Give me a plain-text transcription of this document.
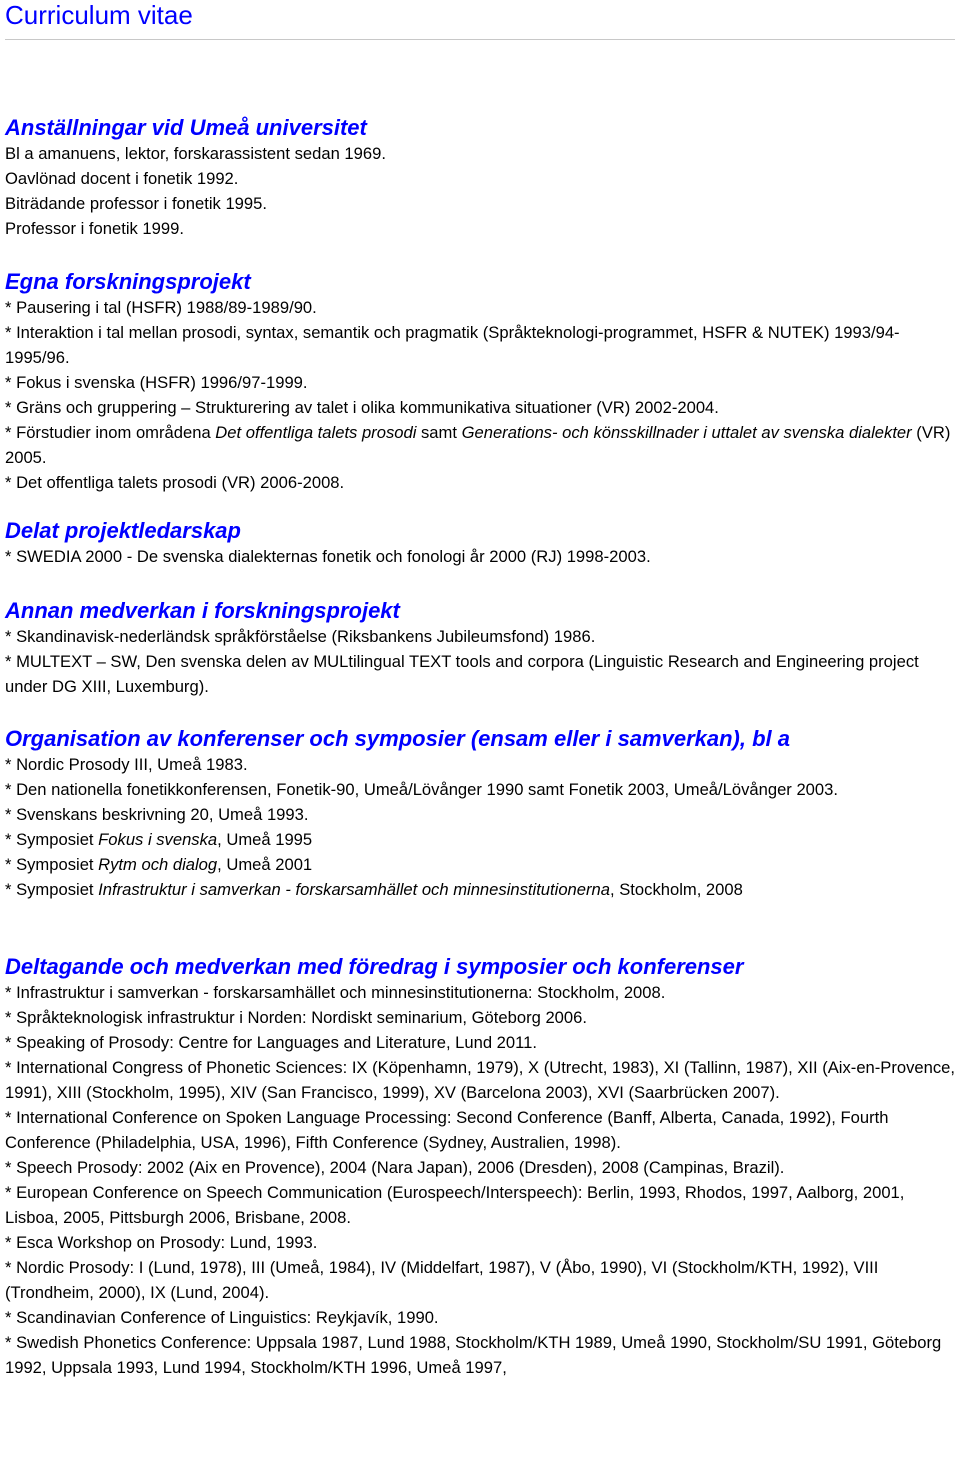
Curriculum vitae
Anställningar vid Umeå universitet
Bl a amanuens, lektor, forskarassistent sedan 1969.
Oavlönad docent i fonetik 1992.
Biträdande professor i fonetik 1995.
Professor i fonetik 1999.
Egna forskningsprojekt
* Pausering i tal (HSFR) 1988/89-1989/90.
* Interaktion i tal mellan prosodi, syntax, semantik och pragmatik (Språkteknologi-programmet, HSFR & NUTEK) 1993/94-1995/96.
* Fokus i svenska (HSFR) 1996/97-1999.
* Gräns och gruppering – Strukturering av talet i olika kommunikativa situationer (VR) 2002-2004.
* Förstudier inom områdena Det offentliga talets prosodi samt Generations- och könsskillnader i uttalet av svenska dialekter (VR) 2005.
* Det offentliga talets prosodi (VR) 2006-2008.
Delat projektledarskap
* SWEDIA 2000 - De svenska dialekternas fonetik och fonologi år 2000 (RJ) 1998-2003.
Annan medverkan i forskningsprojekt
* Skandinavisk-nederländsk språkförståelse (Riksbankens Jubileumsfond) 1986.
* MULTEXT – SW, Den svenska delen av MULtilingual TEXT tools and corpora (Linguistic Research and Engineering project under DG XIII, Luxemburg).
Organisation av konferenser och symposier (ensam eller i samverkan), bl a
* Nordic Prosody III, Umeå 1983.
* Den nationella fonetikkonferensen, Fonetik-90, Umeå/Lövånger 1990 samt Fonetik 2003, Umeå/Lövånger 2003.
* Svenskans beskrivning 20, Umeå 1993.
* Symposiet Fokus i svenska, Umeå 1995
* Symposiet Rytm och dialog, Umeå 2001
* Symposiet Infrastruktur i samverkan - forskarsamhället och minnesinstitutionerna, Stockholm, 2008
Deltagande och medverkan med föredrag i symposier och konferenser
* Infrastruktur i samverkan - forskarsamhället och minnesinstitutionerna: Stockholm, 2008.
* Språkteknologisk infrastruktur i Norden: Nordiskt seminarium, Göteborg 2006.
* Speaking of Prosody: Centre for Languages and Literature, Lund 2011.
* International Congress of Phonetic Sciences: IX (Köpenhamn, 1979), X (Utrecht, 1983), XI (Tallinn, 1987), XII (Aix-en-Provence, 1991), XIII (Stockholm, 1995), XIV (San Francisco, 1999), XV (Barcelona 2003), XVI (Saarbrücken 2007).
* International Conference on Spoken Language Processing: Second Conference (Banff, Alberta, Canada, 1992), Fourth Conference (Philadelphia, USA, 1996), Fifth Conference (Sydney, Australien, 1998).
* Speech Prosody: 2002 (Aix en Provence), 2004 (Nara Japan), 2006 (Dresden), 2008 (Campinas, Brazil).
* European Conference on Speech Communication (Eurospeech/Interspeech): Berlin, 1993, Rhodos, 1997, Aalborg, 2001, Lisboa, 2005, Pittsburgh 2006, Brisbane, 2008.
* Esca Workshop on Prosody: Lund, 1993.
* Nordic Prosody: I (Lund, 1978), III (Umeå, 1984), IV (Middelfart, 1987), V (Åbo, 1990), VI (Stockholm/KTH, 1992), VIII (Trondheim, 2000), IX (Lund, 2004).
* Scandinavian Conference of Linguistics: Reykjavík, 1990.
* Swedish Phonetics Conference: Uppsala 1987, Lund 1988, Stockholm/KTH 1989, Umeå 1990, Stockholm/SU 1991, Göteborg 1992, Uppsala 1993, Lund 1994, Stockholm/KTH 1996, Umeå 1997,
